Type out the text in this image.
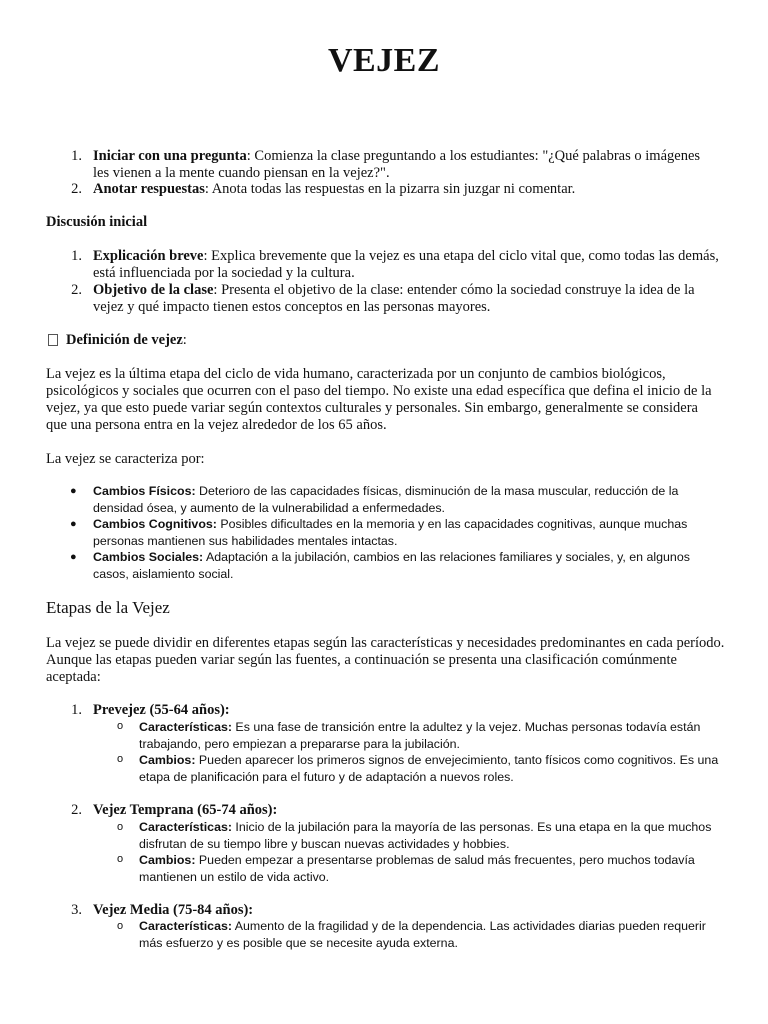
VEJEZ
1. Iniciar con una pregunta: Comienza la clase preguntando a los estudiantes: "¿Qué palabras o imágenes les vienen a la mente cuando piensan en la vejez?".
2. Anotar respuestas: Anota todas las respuestas en la pizarra sin juzgar ni comentar.
Discusión inicial
1. Explicación breve: Explica brevemente que la vejez es una etapa del ciclo vital que, como todas las demás, está influenciada por la sociedad y la cultura.
2. Objetivo de la clase: Presenta el objetivo de la clase: entender cómo la sociedad construye la idea de la vejez y qué impacto tienen estos conceptos en las personas mayores.
Definición de vejez:
La vejez es la última etapa del ciclo de vida humano, caracterizada por un conjunto de cambios biológicos, psicológicos y sociales que ocurren con el paso del tiempo. No existe una edad específica que defina el inicio de la vejez, ya que esto puede variar según contextos culturales y personales. Sin embargo, generalmente se considera que una persona entra en la vejez alrededor de los 65 años.
La vejez se caracteriza por:
● Cambios Físicos: Deterioro de las capacidades físicas, disminución de la masa muscular, reducción de la densidad ósea, y aumento de la vulnerabilidad a enfermedades.
● Cambios Cognitivos: Posibles dificultades en la memoria y en las capacidades cognitivas, aunque muchas personas mantienen sus habilidades mentales intactas.
● Cambios Sociales: Adaptación a la jubilación, cambios en las relaciones familiares y sociales, y, en algunos casos, aislamiento social.
Etapas de la Vejez
La vejez se puede dividir en diferentes etapas según las características y necesidades predominantes en cada período. Aunque las etapas pueden variar según las fuentes, a continuación se presenta una clasificación comúnmente aceptada:
1. Prevejez (55-64 años):
o Características: Es una fase de transición entre la adultez y la vejez. Muchas personas todavía están trabajando, pero empiezan a prepararse para la jubilación.
o Cambios: Pueden aparecer los primeros signos de envejecimiento, tanto físicos como cognitivos. Es una etapa de planificación para el futuro y de adaptación a nuevos roles.
2. Vejez Temprana (65-74 años):
o Características: Inicio de la jubilación para la mayoría de las personas. Es una etapa en la que muchos disfrutan de su tiempo libre y buscan nuevas actividades y hobbies.
o Cambios: Pueden empezar a presentarse problemas de salud más frecuentes, pero muchos todavía mantienen un estilo de vida activo.
3. Vejez Media (75-84 años):
o Características: Aumento de la fragilidad y de la dependencia. Las actividades diarias pueden requerir más esfuerzo y es posible que se necesite ayuda externa.
